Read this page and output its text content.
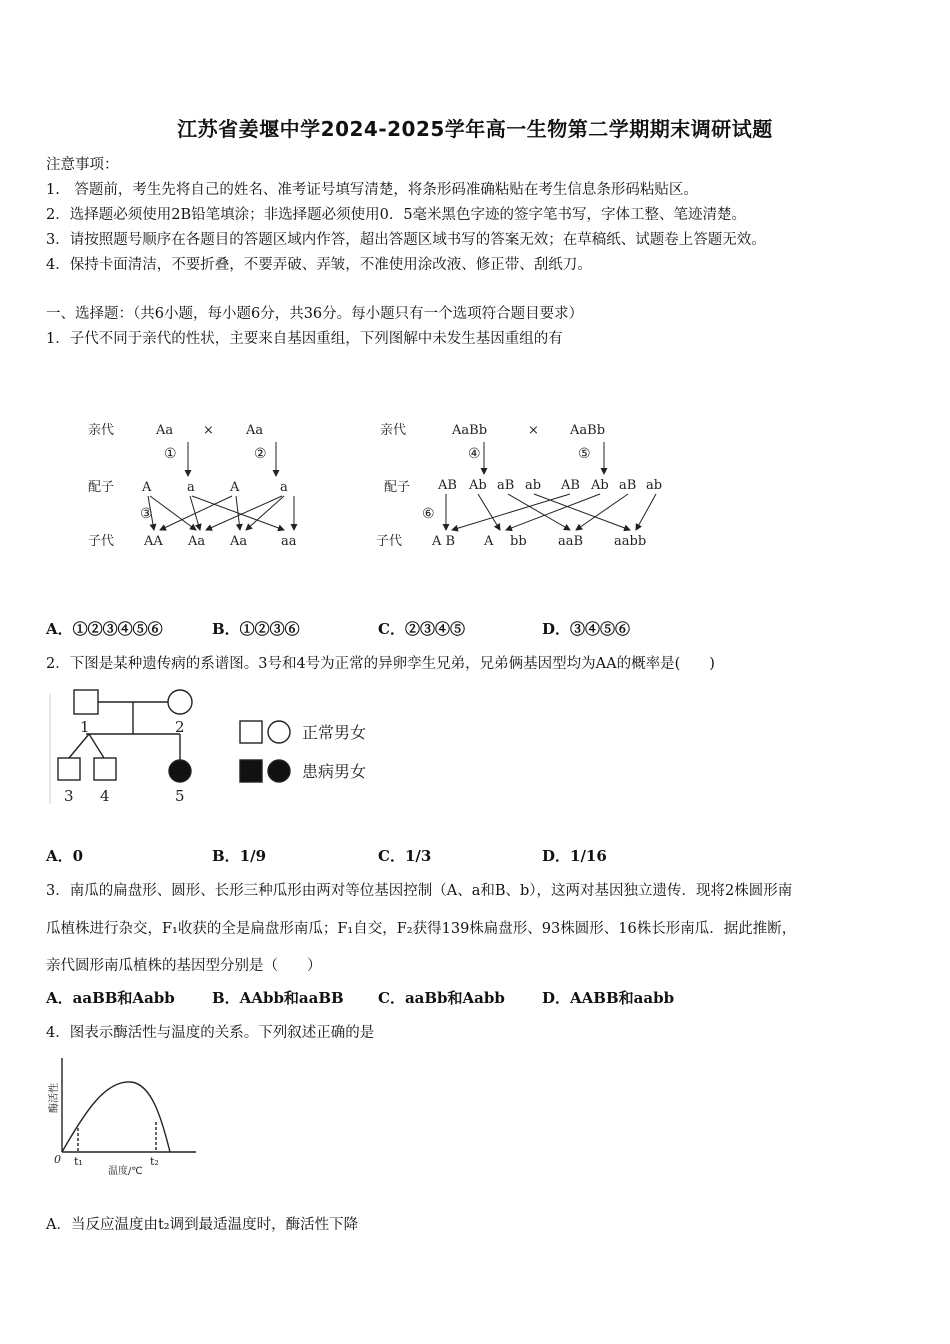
江苏省姜堰中学2024-2025学年高一生物第二学期期末调研试题
注意事项：
1.　答题前，考生先将自己的姓名、准考证号填写清楚，将条形码准确粘贴在考生信息条形码粘贴区。
2．选择题必须使用2B铅笔填涂；非选择题必须使用0．5毫米黑色字迹的签字笔书写，字体工整、笔迹清楚。
3．请按照题号顺序在各题目的答题区域内作答，超出答题区域书写的答案无效；在草稿纸、试题卷上答题无效。
4．保持卡面清洁，不要折叠，不要弄破、弄皱，不准使用涂改液、修正带、刮纸刀。
一、选择题：（共6小题，每小题6分，共36分。每小题只有一个选项符合题目要求）
1．子代不同于亲代的性状，主要来自基因重组，下列图解中未发生基因重组的有
亲代
配子
子代
Aa × Aa
①	②
③
A	a	A	a
AA Aa Aa	aa
亲代
配子
子代
AaBb	× AaBb
④	⑤
⑥
AB Ab aB ab AB Ab aB ab
A B A bb aaB aabb
A．①②③④⑤⑥	B．①②③⑥	C．②③④⑤	D．③④⑤⑥
2．下图是某种遗传病的系谱图。3号和4号为正常的异卵孪生兄弟，兄弟俩基因型均为AA的概率是(　　)
1	2
3 4	5
正常男女
患病男女
A．0	B．1/9	C．1/3	D．1/16
3．南瓜的扁盘形、圆形、长形三种瓜形由两对等位基因控制（A、a和B、b），这两对基因独立遗传．现将2株圆形南
瓜植株进行杂交，F₁收获的全是扁盘形南瓜；F₁自交，F₂获得139株扁盘形、93株圆形、16株长形南瓜．据此推断，
亲代圆形南瓜植株的基因型分别是（　　）
A．aaBB和Aabb B．AAbb和aaBB C．aaBb和Aabb D．AABB和aabb
4．图表示酶活性与温度的关系。下列叙述正确的是
酶活性
0 t₁	t₂
温度/℃
A．当反应温度由t₂调到最适温度时，酶活性下降
